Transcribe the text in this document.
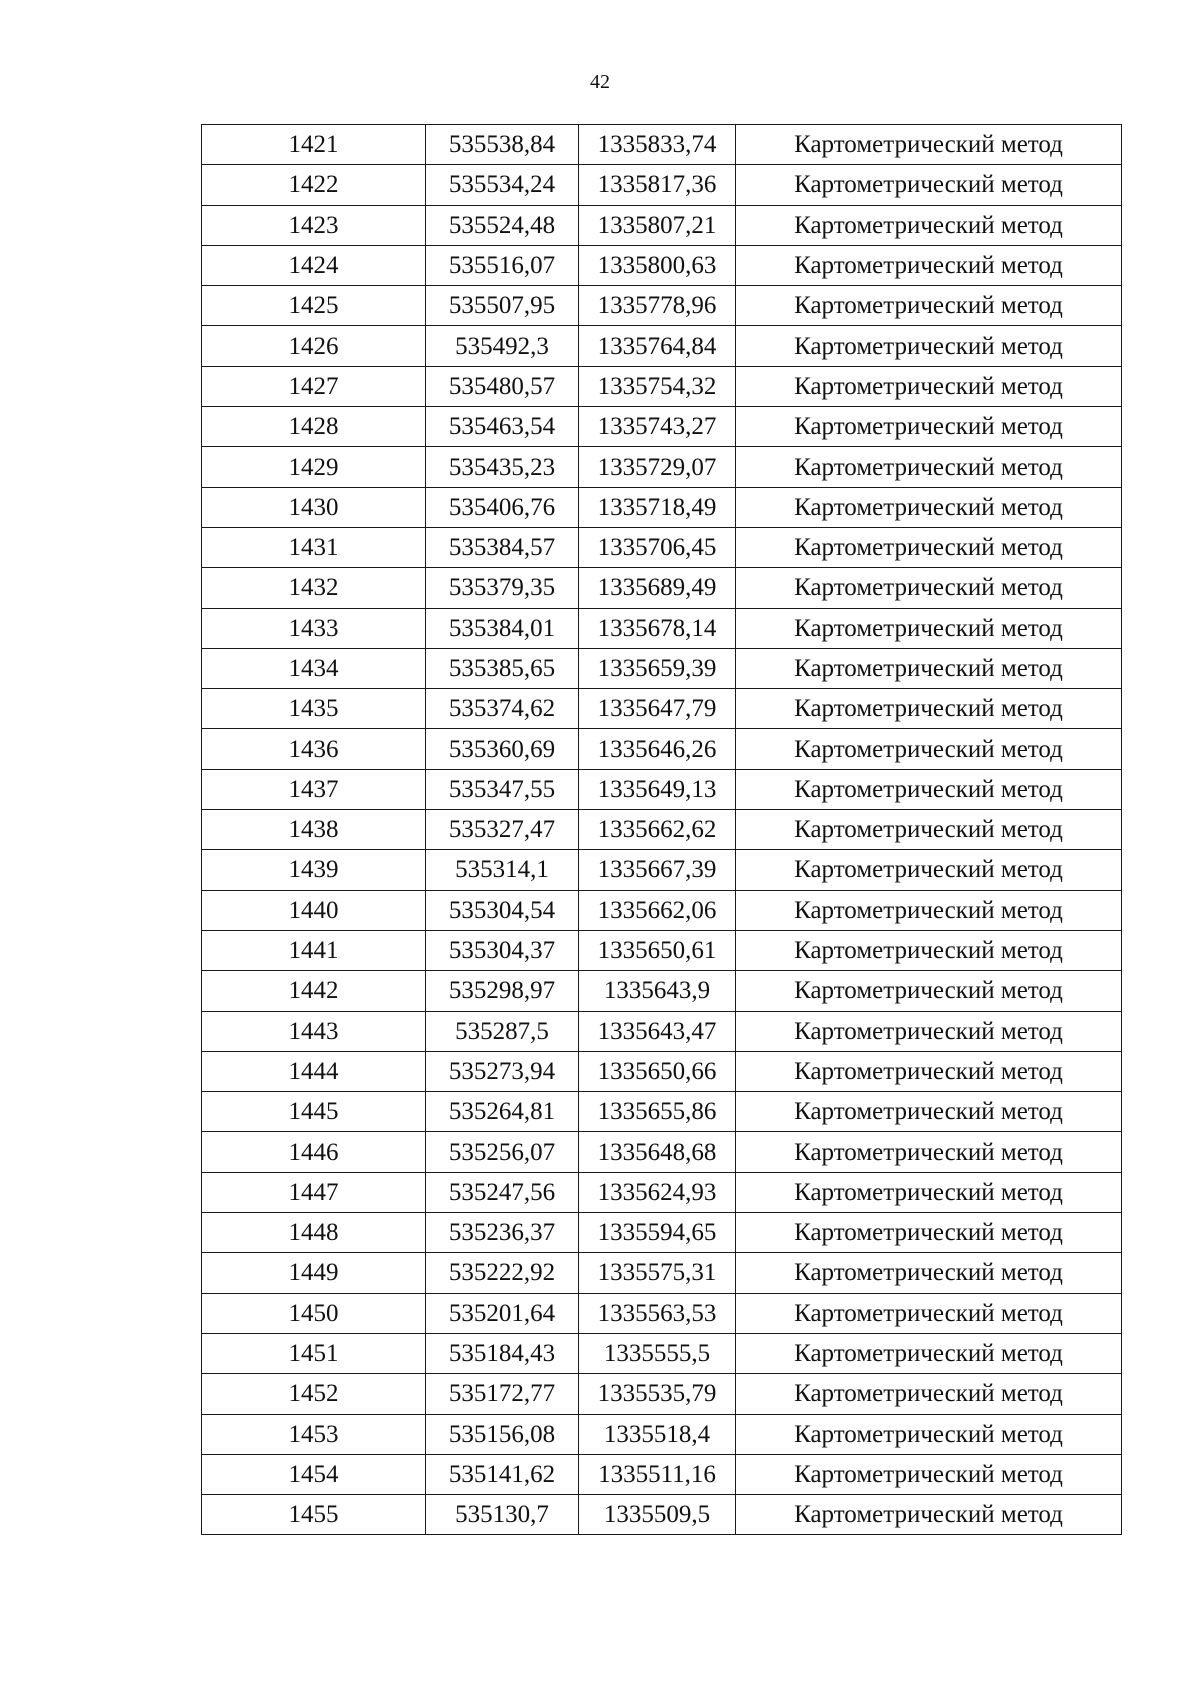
42
1421	535538,84	1335833,74	Картометрический метод
1422	535534,24	1335817,36	Картометрический метод
1423	535524,48	1335807,21	Картометрический метод
1424	535516,07	1335800,63	Картометрический метод
1425	535507,95	1335778,96	Картометрический метод
1426	535492,3	1335764,84	Картометрический метод
1427	535480,57	1335754,32	Картометрический метод
1428	535463,54	1335743,27	Картометрический метод
1429	535435,23	1335729,07	Картометрический метод
1430	535406,76	1335718,49	Картометрический метод
1431	535384,57	1335706,45	Картометрический метод
1432	535379,35	1335689,49	Картометрический метод
1433	535384,01	1335678,14	Картометрический метод
1434	535385,65	1335659,39	Картометрический метод
1435	535374,62	1335647,79	Картометрический метод
1436	535360,69	1335646,26	Картометрический метод
1437	535347,55	1335649,13	Картометрический метод
1438	535327,47	1335662,62	Картометрический метод
1439	535314,1	1335667,39	Картометрический метод
1440	535304,54	1335662,06	Картометрический метод
1441	535304,37	1335650,61	Картометрический метод
1442	535298,97	1335643,9	Картометрический метод
1443	535287,5	1335643,47	Картометрический метод
1444	535273,94	1335650,66	Картометрический метод
1445	535264,81	1335655,86	Картометрический метод
1446	535256,07	1335648,68	Картометрический метод
1447	535247,56	1335624,93	Картометрический метод
1448	535236,37	1335594,65	Картометрический метод
1449	535222,92	1335575,31	Картометрический метод
1450	535201,64	1335563,53	Картометрический метод
1451	535184,43	1335555,5	Картометрический метод
1452	535172,77	1335535,79	Картометрический метод
1453	535156,08	1335518,4	Картометрический метод
1454	535141,62	1335511,16	Картометрический метод
1455	535130,7	1335509,5	Картометрический метод
